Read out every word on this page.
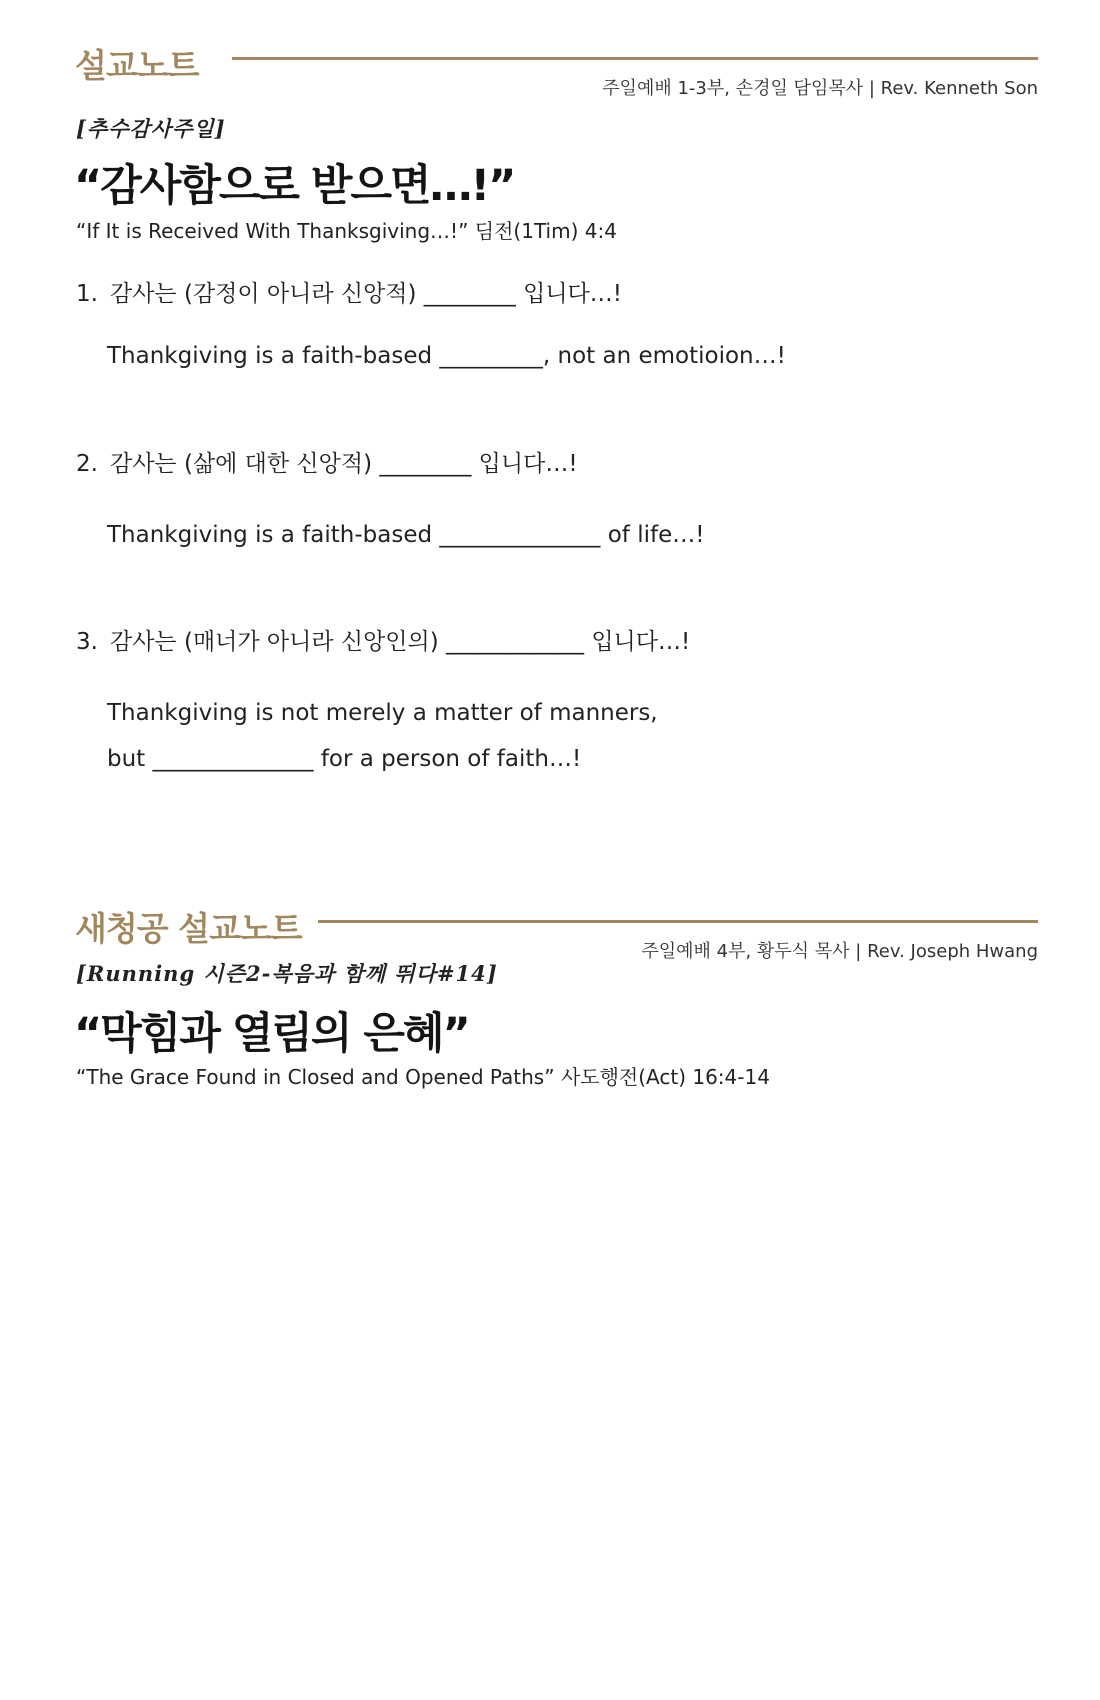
설교노트
주일예배 1-3부, 손경일 담임목사 | Rev. Kenneth Son
[추수감사주일]
“감사함으로 받으면…!”
“If It is Received With Thanksgiving…!” 딤전(1Tim) 4:4
1. 감사는 (감정이 아니라 신앙적) ________ 입니다…!
Thankgiving is a faith-based _________, not an emotioion…!
2. 감사는 (삶에 대한 신앙적) ________ 입니다…!
Thankgiving is a faith-based ______________ of life…!
3. 감사는 (매너가 아니라 신앙인의) ____________ 입니다…!
Thankgiving is not merely a matter of manners,
but ______________ for a person of faith…!
새청공 설교노트
주일예배 4부, 황두식 목사 | Rev. Joseph Hwang
[Running 시즌2-복음과 함께 뛰다#14]
“막힘과 열림의 은혜”
“The Grace Found in Closed and Opened Paths” 사도행전(Act) 16:4-14
